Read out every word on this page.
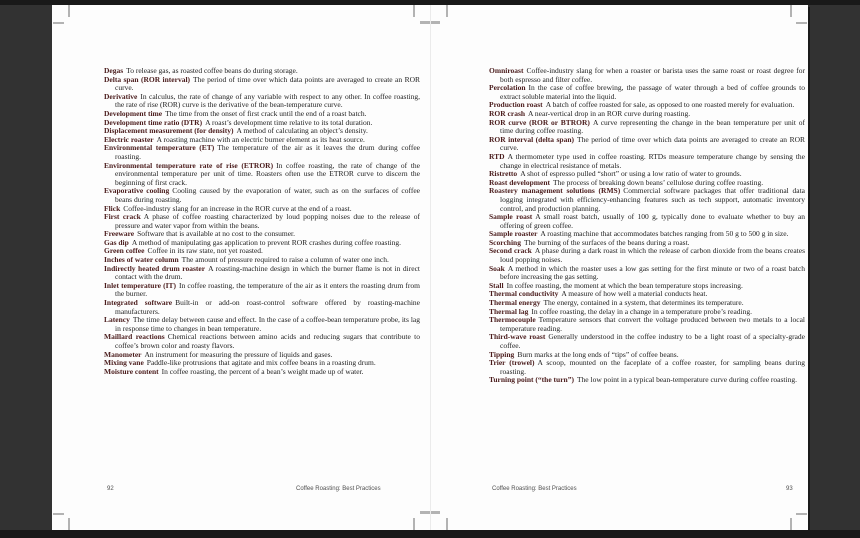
Degas To release gas, as roasted coffee beans do during storage.

Delta span (ROR interval) The period of time over which data points are averaged to create an ROR curve.

Derivative In calculus, the rate of change of any variable with respect to any other. In coffee roasting, the rate of rise (ROR) curve is the derivative of the bean-temperature curve.

Development time The time from the onset of first crack until the end of a roast batch.

Development time ratio (DTR) A roast’s development time relative to its total duration.

Displacement measurement (for density) A method of calculating an object’s density.

Electric roaster A roasting machine with an electric burner element as its heat source.

Environmental temperature (ET) The temperature of the air as it leaves the drum during coffee roasting.

Environmental temperature rate of rise (ETROR) In coffee roasting, the rate of change of the environmental temperature per unit of time. Roasters often use the ETROR curve to discern the beginning of first crack.

Evaporative cooling Cooling caused by the evaporation of water, such as on the surfaces of coffee beans during roasting.

Flick Coffee-industry slang for an increase in the ROR curve at the end of a roast.

First crack A phase of coffee roasting characterized by loud popping noises due to the release of pressure and water vapor from within the beans.

Freeware Software that is available at no cost to the consumer.

Gas dip A method of manipulating gas application to prevent ROR crashes during coffee roasting.

Green coffee Coffee in its raw state, not yet roasted.

Inches of water column The amount of pressure required to raise a column of water one inch.

Indirectly heated drum roaster A roasting-machine design in which the burner flame is not in direct contact with the drum.

Inlet temperature (IT) In coffee roasting, the temperature of the air as it enters the roasting drum from the burner.

Integrated software Built-in or add-on roast-control software offered by roasting-machine manufacturers.

Latency The time delay between cause and effect. In the case of a coffee-bean temperature probe, its lag in response time to changes in bean temperature.

Maillard reactions Chemical reactions between amino acids and reducing sugars that contribute to coffee’s brown color and roasty flavors.

Manometer An instrument for measuring the pressure of liquids and gases.

Mixing vane Paddle-like protrusions that agitate and mix coffee beans in a roasting drum.

Moisture content In coffee roasting, the percent of a bean’s weight made up of water.

Omniroast Coffee-industry slang for when a roaster or barista uses the same roast or roast degree for both espresso and filter coffee.

Percolation In the case of coffee brewing, the passage of water through a bed of coffee grounds to extract soluble material into the liquid.

Production roast A batch of coffee roasted for sale, as opposed to one roasted merely for evaluation.

ROR crash A near-vertical drop in an ROR curve during roasting.

ROR curve (ROR or BTROR) A curve representing the change in the bean temperature per unit of time during coffee roasting.

ROR interval (delta span) The period of time over which data points are averaged to create an ROR curve.

RTD A thermometer type used in coffee roasting. RTDs measure temperature change by sensing the change in electrical resistance of metals.

Ristretto A shot of espresso pulled “short” or using a low ratio of water to grounds.

Roast development The process of breaking down beans’ cellulose during coffee roasting.

Roastery management solutions (RMS) Commercial software packages that offer traditional data logging integrated with efficiency-enhancing features such as tech support, automatic inventory control, and production planning.

Sample roast A small roast batch, usually of 100 g, typically done to evaluate whether to buy an offering of green coffee.

Sample roaster A roasting machine that accommodates batches ranging from 50 g to 500 g in size.

Scorching The burning of the surfaces of the beans during a roast.

Second crack A phase during a dark roast in which the release of carbon dioxide from the beans creates loud popping noises.

Soak A method in which the roaster uses a low gas setting for the first minute or two of a roast batch before increasing the gas setting.

Stall In coffee roasting, the moment at which the bean temperature stops increasing.

Thermal conductivity A measure of how well a material conducts heat.

Thermal energy The energy, contained in a system, that determines its temperature.

Thermal lag In coffee roasting, the delay in a change in a temperature probe’s reading.

Thermocouple Temperature sensors that convert the voltage produced between two metals to a local temperature reading.

Third-wave roast Generally understood in the coffee industry to be a light roast of a specialty-grade coffee.

Tipping Burn marks at the long ends of “tips” of coffee beans.

Trier (trowel) A scoop, mounted on the faceplate of a coffee roaster, for sampling beans during roasting.

Turning point (“the turn”) The low point in a typical bean-temperature curve during coffee roasting.

92	Coffee Roasting: Best Practices	Coffee Roasting: Best Practices	93
